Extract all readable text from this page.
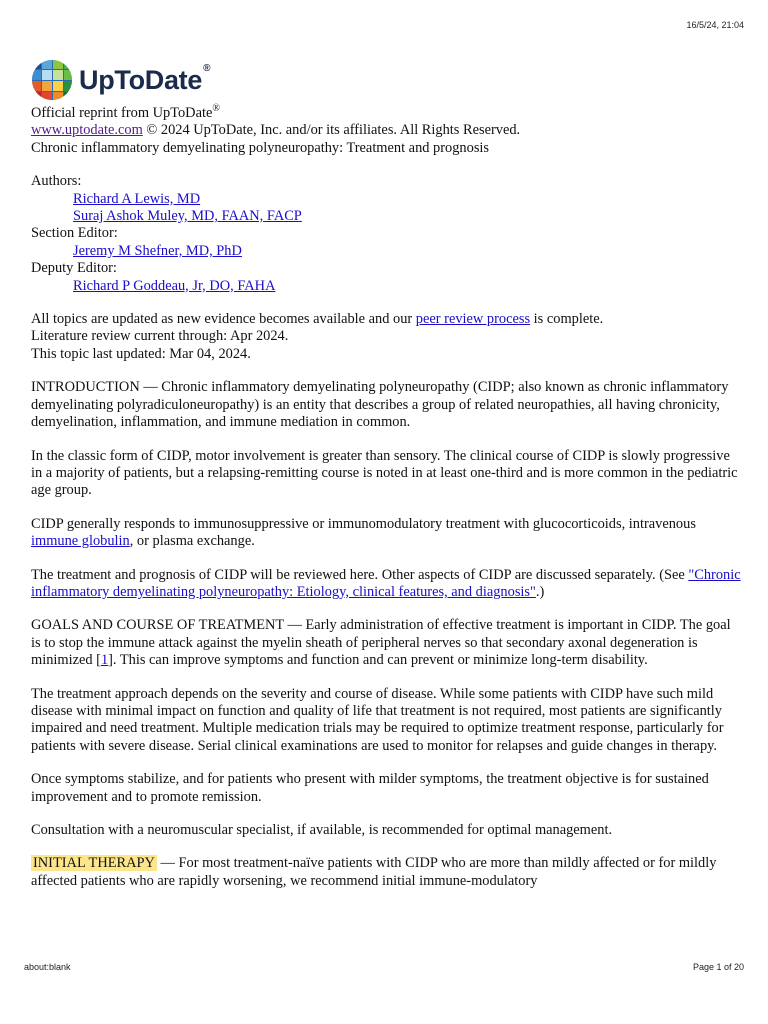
16/5/24, 21:04
UpToDate®

Official reprint from UpToDate®

www.uptodate.com © 2024 UpToDate, Inc. and/or its affiliates. All Rights Reserved.

Chronic inflammatory demyelinating polyneuropathy: Treatment and prognosis

Authors:

Richard A Lewis, MD

Suraj Ashok Muley, MD, FAAN, FACP

Section Editor:

Jeremy M Shefner, MD, PhD

Deputy Editor:

Richard P Goddeau, Jr, DO, FAHA

All topics are updated as new evidence becomes available and our peer review process is complete.

Literature review current through: Apr 2024.

This topic last updated: Mar 04, 2024.

INTRODUCTION — Chronic inflammatory demyelinating polyneuropathy (CIDP; also known as chronic inflammatory demyelinating polyradiculoneuropathy) is an entity that describes a group of related neuropathies, all having chronicity, demyelination, inflammation, and immune mediation in common.

In the classic form of CIDP, motor involvement is greater than sensory. The clinical course of CIDP is slowly progressive in a majority of patients, but a relapsing-remitting course is noted in at least one-third and is more common in the pediatric age group.

CIDP generally responds to immunosuppressive or immunomodulatory treatment with glucocorticoids, intravenous immune globulin, or plasma exchange.

The treatment and prognosis of CIDP will be reviewed here. Other aspects of CIDP are discussed separately. (See "Chronic inflammatory demyelinating polyneuropathy: Etiology, clinical features, and diagnosis".)

GOALS AND COURSE OF TREATMENT — Early administration of effective treatment is important in CIDP. The goal is to stop the immune attack against the myelin sheath of peripheral nerves so that secondary axonal degeneration is minimized [1]. This can improve symptoms and function and can prevent or minimize long-term disability.

The treatment approach depends on the severity and course of disease. While some patients with CIDP have such mild disease with minimal impact on function and quality of life that treatment is not required, most patients are significantly impaired and need treatment. Multiple medication trials may be required to optimize treatment response, particularly for patients with severe disease. Serial clinical examinations are used to monitor for relapses and guide changes in therapy.

Once symptoms stabilize, and for patients who present with milder symptoms, the treatment objective is for sustained improvement and to promote remission.

Consultation with a neuromuscular specialist, if available, is recommended for optimal management.

INITIAL THERAPY — For most treatment-naïve patients with CIDP who are more than mildly affected or for mildly affected patients who are rapidly worsening, we recommend initial immune-modulatory

about:blank	Page 1 of 20
